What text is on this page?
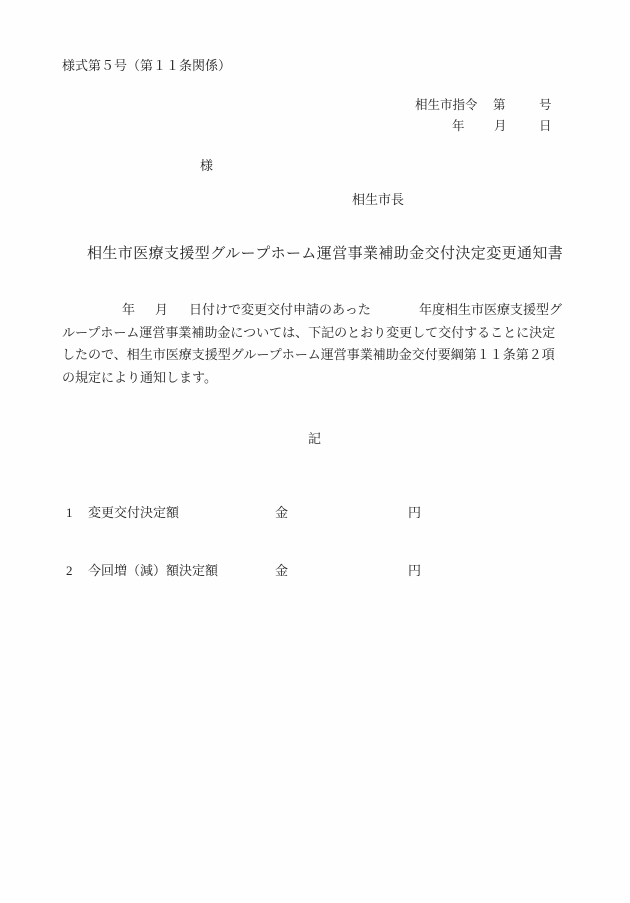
様式第５号（第１１条関係）
相生市指令 第	号
年 月	日
様
相生市長
相生市医療支援型グループホーム運営事業補助金交付決定変更通知書
年 月 日付けで変更交付申請のあった	年度相生市医療支援型グ
ループホーム運営事業補助金については、下記のとおり変更して交付することに決定
したので、相生市医療支援型グループホーム運営事業補助金交付要綱第１１条第２項
の規定により通知します。
記
1 変更交付決定額	金	円
2 今回増（減）額決定額	金	円
